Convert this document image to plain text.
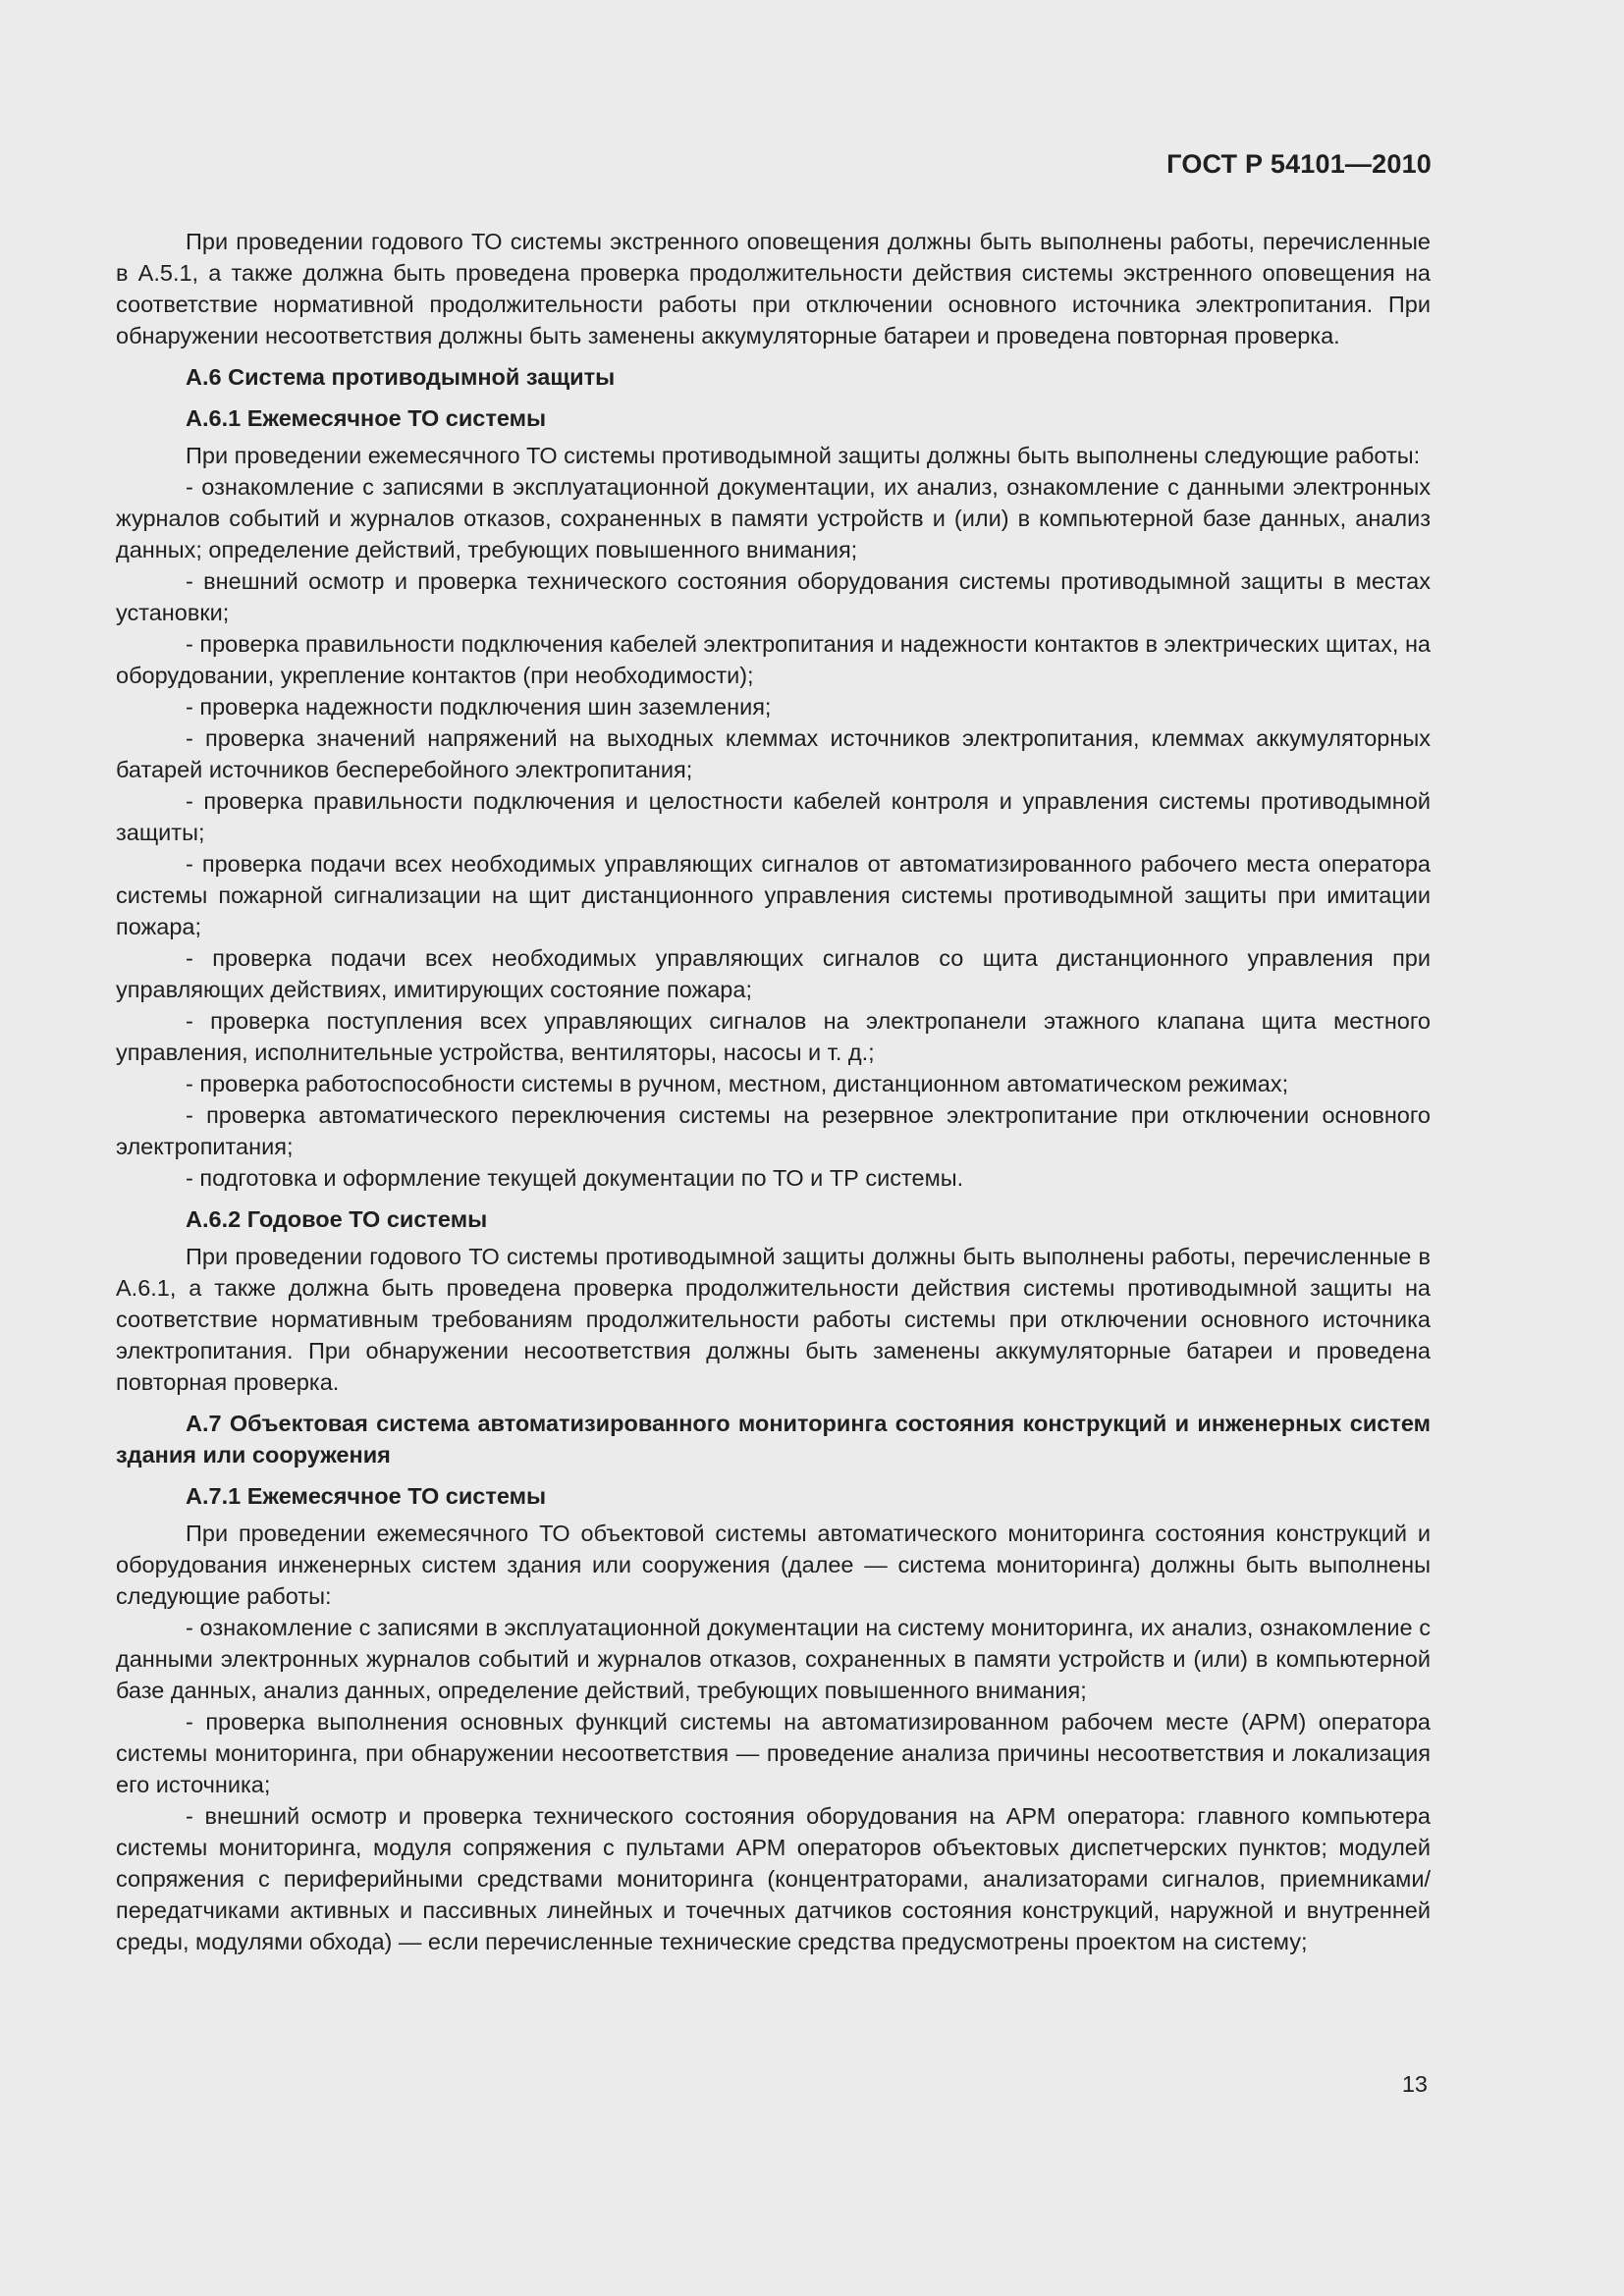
ГОСТ Р 54101—2010

При проведении годового ТО системы экстренного оповещения должны быть выполнены работы, перечисленные в А.5.1, а также должна быть проведена проверка продолжительности действия системы экстренного оповещения на соответствие нормативной продолжительности работы при отключении основного источника электропитания. При обнаружении несоответствия должны быть заменены аккумуляторные батареи и проведена повторная проверка.

А.6 Система противодымной защиты
А.6.1 Ежемесячное ТО системы

При проведении ежемесячного ТО системы противодымной защиты должны быть выполнены следующие работы:

- ознакомление с записями в эксплуатационной документации, их анализ, ознакомление с данными электронных журналов событий и журналов отказов, сохраненных в памяти устройств и (или) в компьютерной базе данных, анализ данных; определение действий, требующих повышенного внимания;
- внешний осмотр и проверка технического состояния оборудования системы противодымной защиты в местах установки;
- проверка правильности подключения кабелей электропитания и надежности контактов в электрических щитах, на оборудовании, укрепление контактов (при необходимости);
- проверка надежности подключения шин заземления;
- проверка значений напряжений на выходных клеммах источников электропитания, клеммах аккумуляторных батарей источников бесперебойного электропитания;
- проверка правильности подключения и целостности кабелей контроля и управления системы противодымной защиты;
- проверка подачи всех необходимых управляющих сигналов от автоматизированного рабочего места оператора системы пожарной сигнализации на щит дистанционного управления системы противодымной защиты при имитации пожара;
- проверка подачи всех необходимых управляющих сигналов со щита дистанционного управления при управляющих действиях, имитирующих состояние пожара;
- проверка поступления всех управляющих сигналов на электропанели этажного клапана щита местного управления, исполнительные устройства, вентиляторы, насосы и т. д.;
- проверка работоспособности системы в ручном, местном, дистанционном автоматическом режимах;
- проверка автоматического переключения системы на резервное электропитание при отключении основного электропитания;
- подготовка и оформление текущей документации по ТО и ТР системы.
А.6.2 Годовое ТО системы

При проведении годового ТО системы противодымной защиты должны быть выполнены работы, перечисленные в А.6.1, а также должна быть проведена проверка продолжительности действия системы противодымной защиты на соответствие нормативным требованиям продолжительности работы системы при отключении основного источника электропитания. При обнаружении несоответствия должны быть заменены аккумуляторные батареи и проведена повторная проверка.

А.7 Объектовая система автоматизированного мониторинга состояния конструкций и инженерных систем здания или сооружения
А.7.1 Ежемесячное ТО системы

При проведении ежемесячного ТО объектовой системы автоматического мониторинга состояния конструкций и оборудования инженерных систем здания или сооружения (далее — система мониторинга) должны быть выполнены следующие работы:

- ознакомление с записями в эксплуатационной документации на систему мониторинга, их анализ, ознакомление с данными электронных журналов событий и журналов отказов, сохраненных в памяти устройств и (или) в компьютерной базе данных, анализ данных, определение действий, требующих повышенного внимания;
- проверка выполнения основных функций системы на автоматизированном рабочем месте (АРМ) оператора системы мониторинга, при обнаружении несоответствия — проведение анализа причины несоответствия и локализация его источника;
- внешний осмотр и проверка технического состояния оборудования на АРМ оператора: главного компьютера системы мониторинга, модуля сопряжения с пультами АРМ операторов объектовых диспетчерских пунктов; модулей сопряжения с периферийными средствами мониторинга (концентраторами, анализаторами сигналов, приемниками/передатчиками активных и пассивных линейных и точечных датчиков состояния конструкций, наружной и внутренней среды, модулями обхода) — если перечисленные технические средства предусмотрены проектом на систему;
13
